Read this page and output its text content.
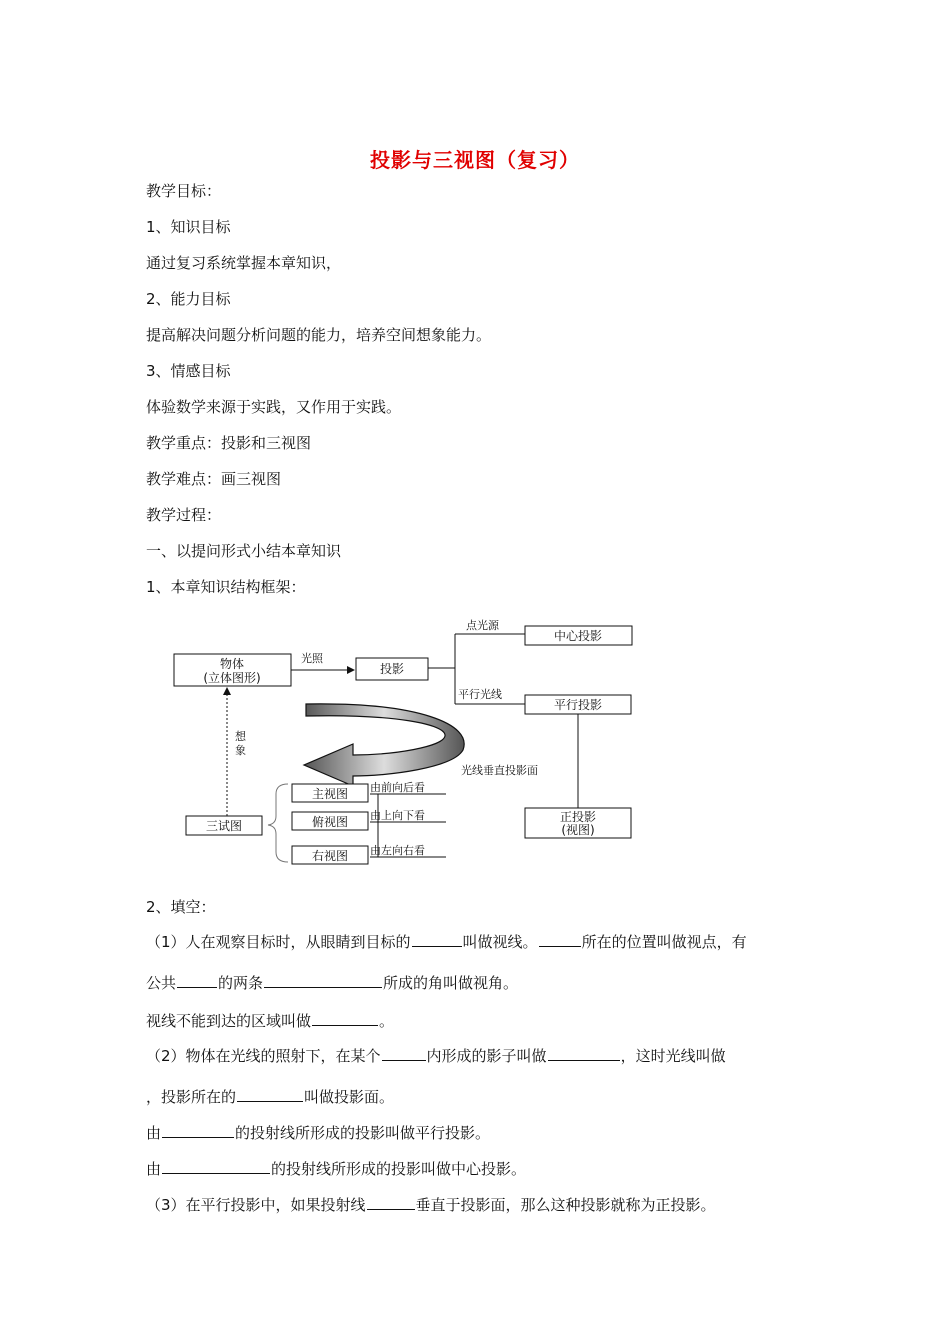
投影与三视图（复习）
教学目标：
1、知识目标
通过复习系统掌握本章知识，
2、能力目标
提高解决问题分析问题的能力，培养空间想象能力。
3、情感目标
体验数学来源于实践，又作用于实践。
教学重点：投影和三视图
教学难点：画三视图
教学过程：
一、以提问形式小结本章知识
1、本章知识结构框架：
物体
(立体图形)
光照
投影
点光源
平行光线
中心投影
平行投影
光线垂直投影面
正投影
(视图)
想
象
三试图
主视图
俯视图
右视图
由前向后看
由上向下看
由左向右看
2、填空：
（1）人在观察目标时，从眼睛到目标的	叫做视线。	所在的位置叫做视点，有
公共	的两条	所成的角叫做视角。
视线不能到达的区域叫做	。
（2）物体在光线的照射下，在某个	内形成的影子叫做	，这时光线叫做
，投影所在的	叫做投影面。
由	的投射线所形成的投影叫做平行投影。
由	的投射线所形成的投影叫做中心投影。
（3）在平行投影中，如果投射线	垂直于投影面，那么这种投影就称为正投影。
